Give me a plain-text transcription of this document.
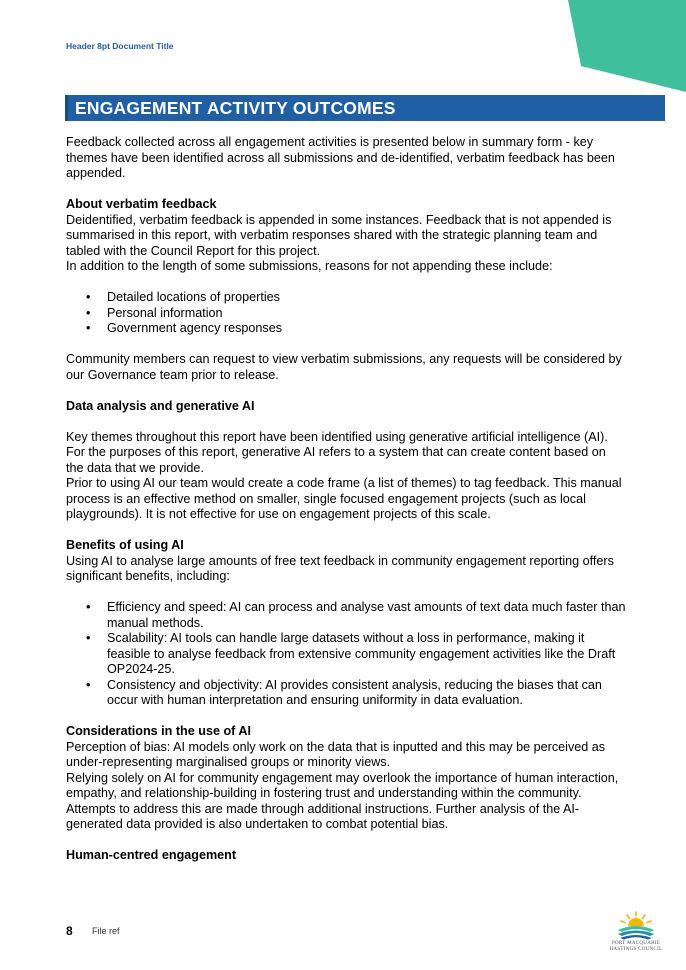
Header 8pt Document Title
ENGAGEMENT ACTIVITY OUTCOMES

Feedback collected across all engagement activities is presented below in summary form - key themes have been identified across all submissions and de-identified, verbatim feedback has been appended.

About verbatim feedback

Deidentified, verbatim feedback is appended in some instances. Feedback that is not appended is summarised in this report, with verbatim responses shared with the strategic planning team and tabled with the Council Report for this project.

In addition to the length of some submissions, reasons for not appending these include:

• Detailed locations of properties
• Personal information
• Government agency responses

Community members can request to view verbatim submissions, any requests will be considered by our Governance team prior to release.

Data analysis and generative AI

Key themes throughout this report have been identified using generative artificial intelligence (AI). For the purposes of this report, generative AI refers to a system that can create content based on the data that we provide.

Prior to using AI our team would create a code frame (a list of themes) to tag feedback. This manual process is an effective method on smaller, single focused engagement projects (such as local playgrounds). It is not effective for use on engagement projects of this scale.

Benefits of using AI

Using AI to analyse large amounts of free text feedback in community engagement reporting offers significant benefits, including:

• Efficiency and speed: AI can process and analyse vast amounts of text data much faster than manual methods.
• Scalability: AI tools can handle large datasets without a loss in performance, making it feasible to analyse feedback from extensive community engagement activities like the Draft OP2024-25.
• Consistency and objectivity: AI provides consistent analysis, reducing the biases that can occur with human interpretation and ensuring uniformity in data evaluation.

Considerations in the use of AI

Perception of bias: AI models only work on the data that is inputted and this may be perceived as under-representing marginalised groups or minority views.

Relying solely on AI for community engagement may overlook the importance of human interaction, empathy, and relationship-building in fostering trust and understanding within the community.

Attempts to address this are made through additional instructions. Further analysis of the AI-generated data provided is also undertaken to combat potential bias.

Human-centred engagement

8 File ref
PORT MACQUARIE
HASTINGS COUNCIL
